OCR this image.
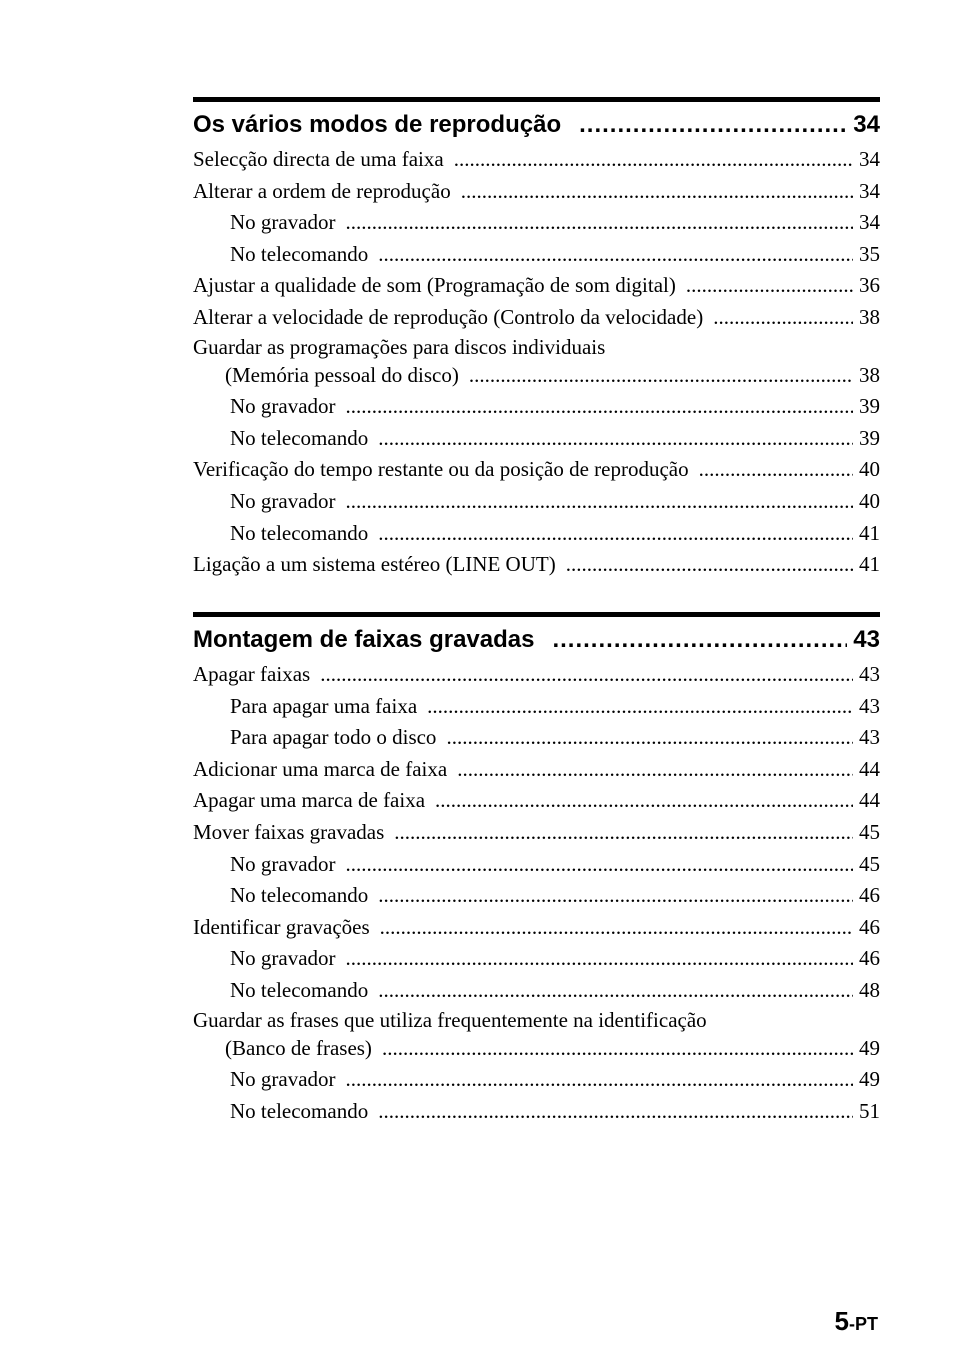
Os vários modos de reprodução .....	34
Selecção directa de uma faixa .....	34
Alterar a ordem de reprodução .....	34
No gravador .....	34
No telecomando .....	35
Ajustar a qualidade de som (Programação de som digital) .....	36
Alterar a velocidade de reprodução (Controlo da velocidade) .....	38
Guardar as programações para discos individuais
(Memória pessoal do disco) .....	38
No gravador .....	39
No telecomando .....	39
Verificação do tempo restante ou da posição de reprodução .....	40
No gravador .....	40
No telecomando .....	41
Ligação a um sistema estéreo (LINE OUT) .....	41
Montagem de faixas gravadas .....	43
Apagar faixas .....	43
Para apagar uma faixa .....	43
Para apagar todo o disco .....	43
Adicionar uma marca de faixa .....	44
Apagar uma marca de faixa .....	44
Mover faixas gravadas .....	45
No gravador .....	45
No telecomando .....	46
Identificar gravações .....	46
No gravador .....	46
No telecomando .....	48
Guardar as frases que utiliza frequentemente na identificação
(Banco de frases) .....	49
No gravador .....	49
No telecomando .....	51
5-PT
